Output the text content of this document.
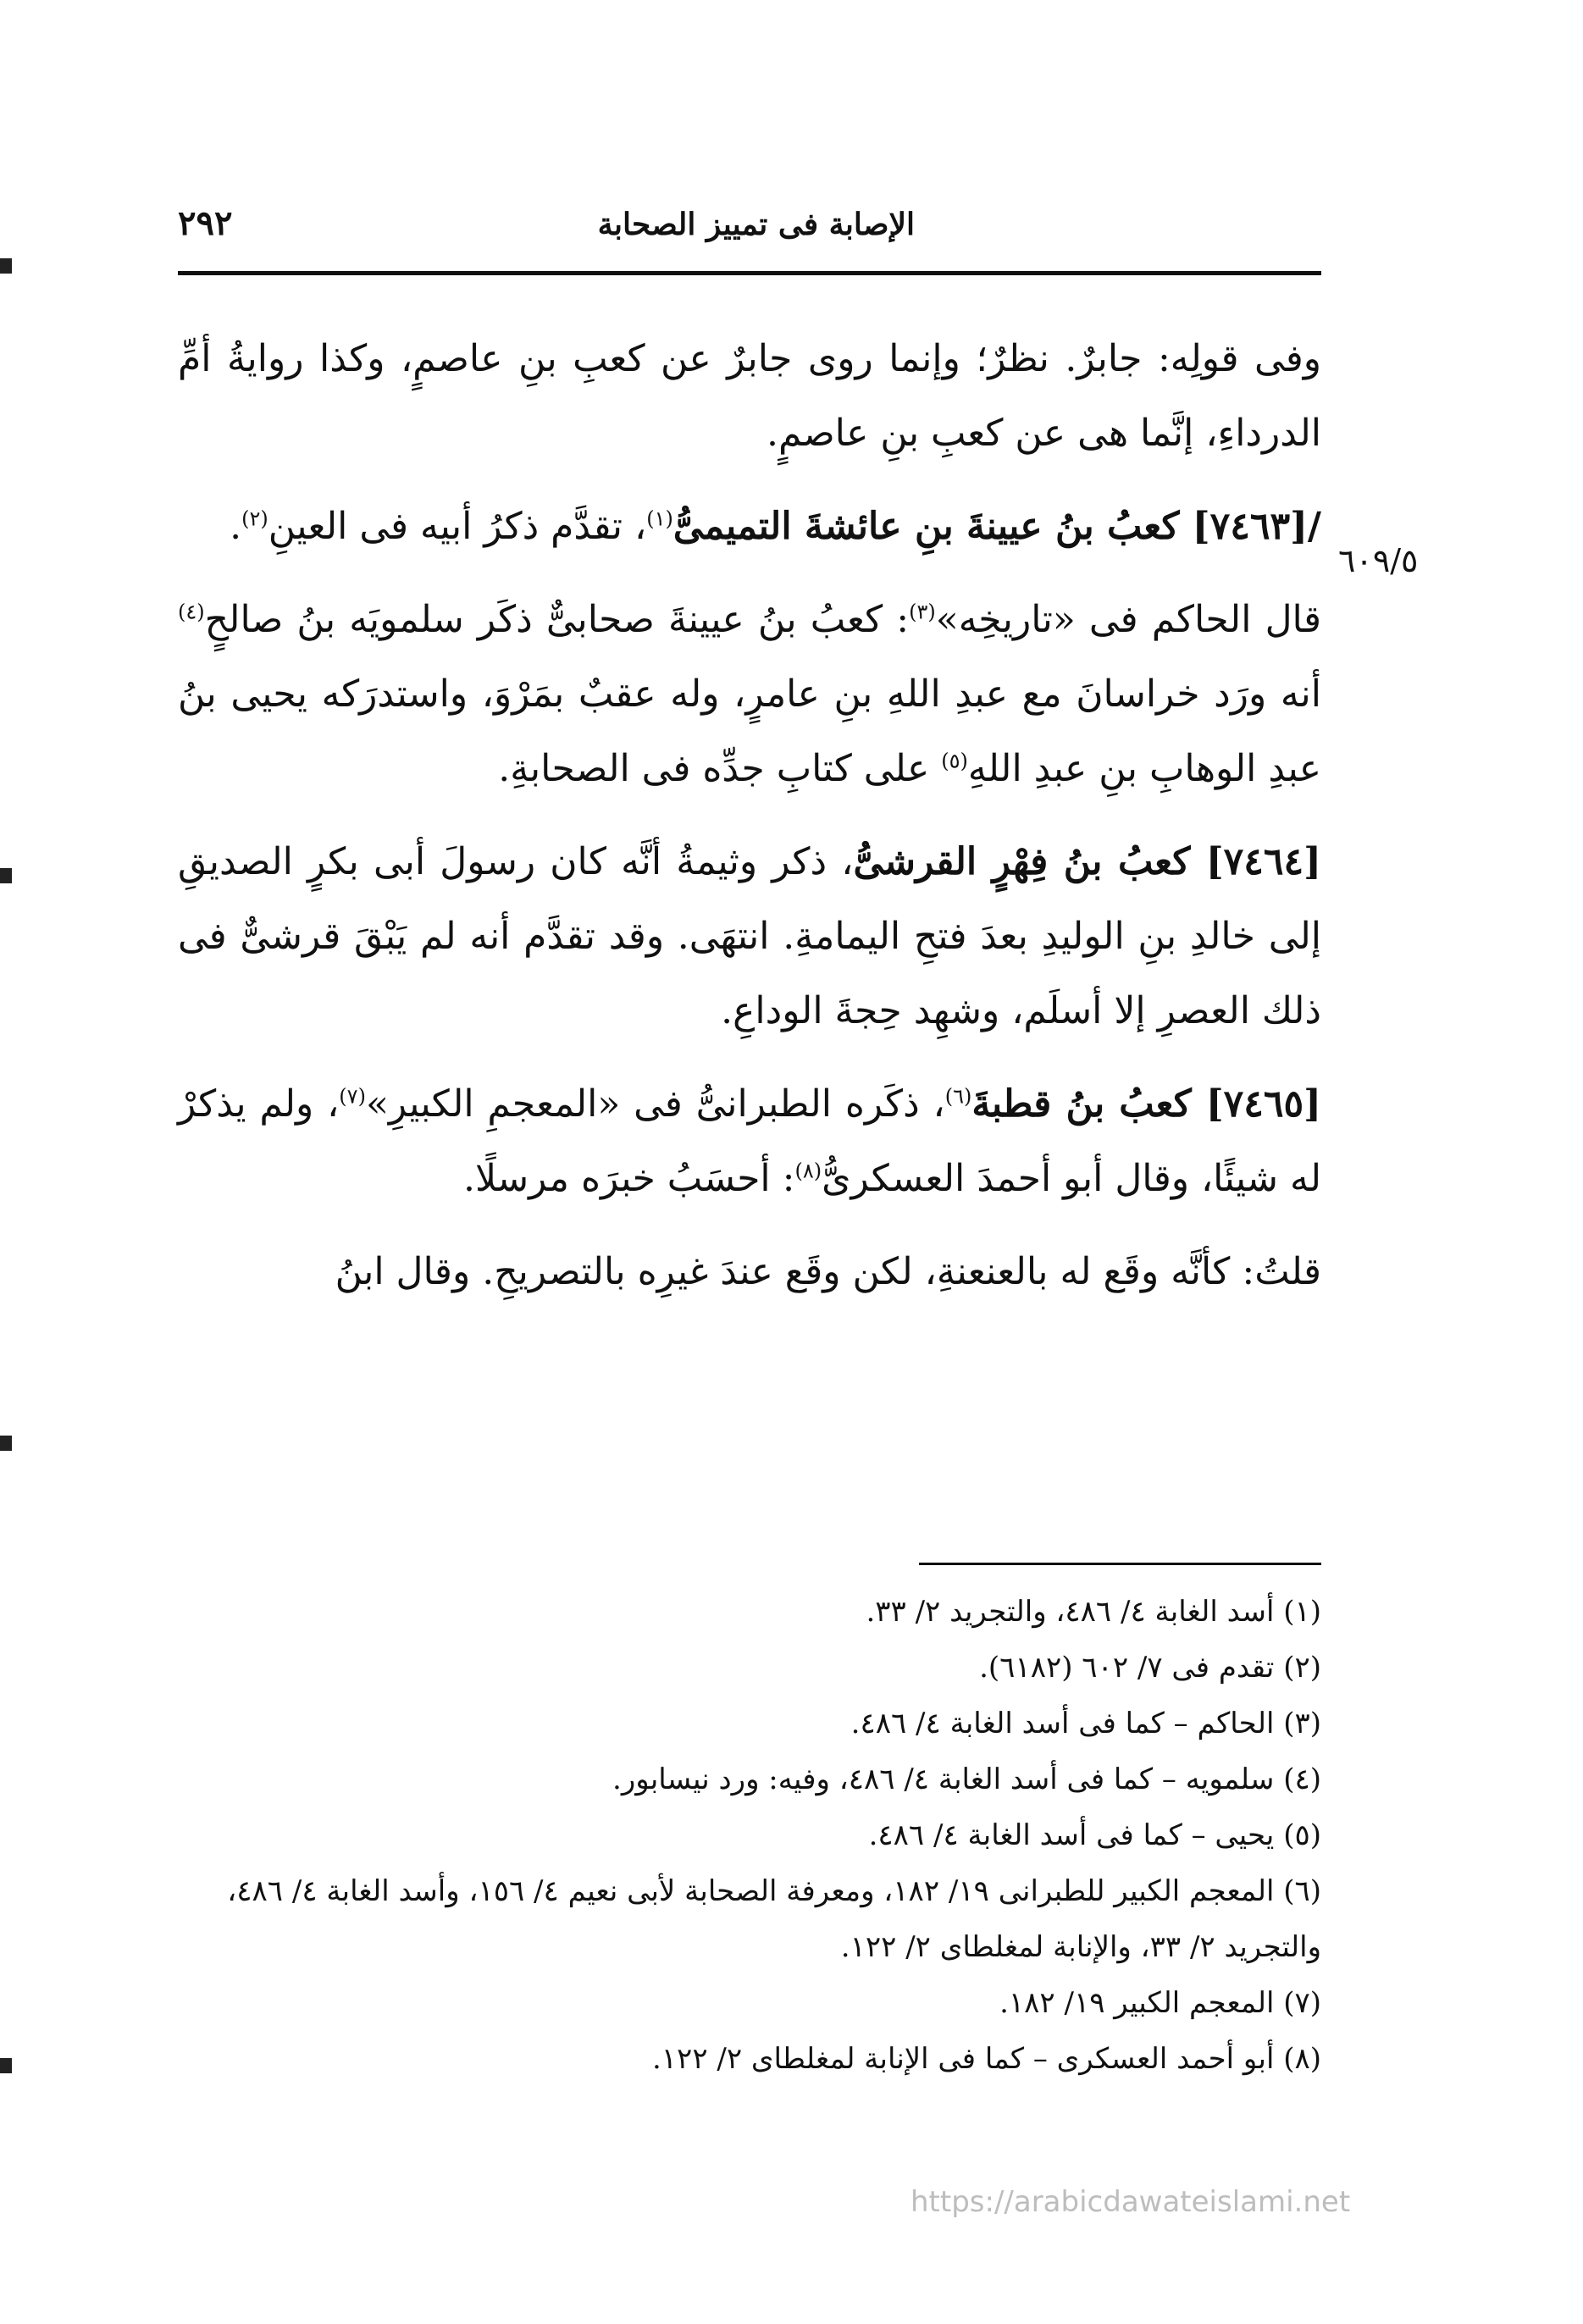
٢٩٢	الإصابة فى تمييز الصحابة
٦٠٩/٥

وفى قولِه: جابرٌ. نظرٌ؛ وإنما روى جابرٌ عن كعبِ بنِ عاصمٍ، وكذا روايةُ أمِّ الدرداءِ، إنَّما هى عن كعبِ بنِ عاصمٍ.

/[٧٤٦٣] كعبُ بنُ عيينةَ بنِ عائشةَ التميمىُّ$^{(١)}$، تقدَّم ذكرُ أبيه فى العينِ$^{(٢)}$.

قال الحاكم فى «تاريخِه»$^{(٣)}$: كعبُ بنُ عيينةَ صحابىٌّ ذكَر سلمويَه بنُ صالحٍ$^{(٤)}$ أنه ورَد خراسانَ مع عبدِ اللهِ بنِ عامرٍ، وله عقبٌ بمَرْوَ، واستدرَكه يحيى بنُ عبدِ الوهابِ بنِ عبدِ اللهِ$^{(٥)}$ على كتابِ جدِّه فى الصحابةِ.

[٧٤٦٤] كعبُ بنُ فِهْرٍ القرشىُّ، ذكر وثيمةُ أنَّه كان رسولَ أبى بكرٍ الصديقِ إلى خالدِ بنِ الوليدِ بعدَ فتحِ اليمامةِ. انتهَى. وقد تقدَّم أنه لم يَبْقَ قرشىٌّ فى ذلك العصرِ إلا أسلَم، وشهِد حِجةَ الوداعِ.

[٧٤٦٥] كعبُ بنُ قطبةَ$^{(٦)}$، ذكَره الطبرانىُّ فى «المعجمِ الكبيرِ»$^{(٧)}$، ولم يذكرْ له شيئًا، وقال أبو أحمدَ العسكرىُّ$^{(٨)}$: أحسَبُ خبرَه مرسلًا.

قلتُ: كأنَّه وقَع له بالعنعنةِ، لكن وقَع عندَ غيرِه بالتصريحِ. وقال ابنُ

(١) أسد الغابة ٤/ ٤٨٦، والتجريد ٢/ ٣٣.

(٢) تقدم فى ٧/ ٦٠٢ (٦١٨٢).

(٣) الحاكم – كما فى أسد الغابة ٤/ ٤٨٦.

(٤) سلمويه – كما فى أسد الغابة ٤/ ٤٨٦، وفيه: ورد نيسابور.

(٥) يحيى – كما فى أسد الغابة ٤/ ٤٨٦.

(٦) المعجم الكبير للطبرانى ١٩/ ١٨٢، ومعرفة الصحابة لأبى نعيم ٤/ ١٥٦، وأسد الغابة ٤/ ٤٨٦، والتجريد ٢/ ٣٣، والإنابة لمغلطاى ٢/ ١٢٢.

(٧) المعجم الكبير ١٩/ ١٨٢.

(٨) أبو أحمد العسكرى – كما فى الإنابة لمغلطاى ٢/ ١٢٢.

https://arabicdawateislami.net
